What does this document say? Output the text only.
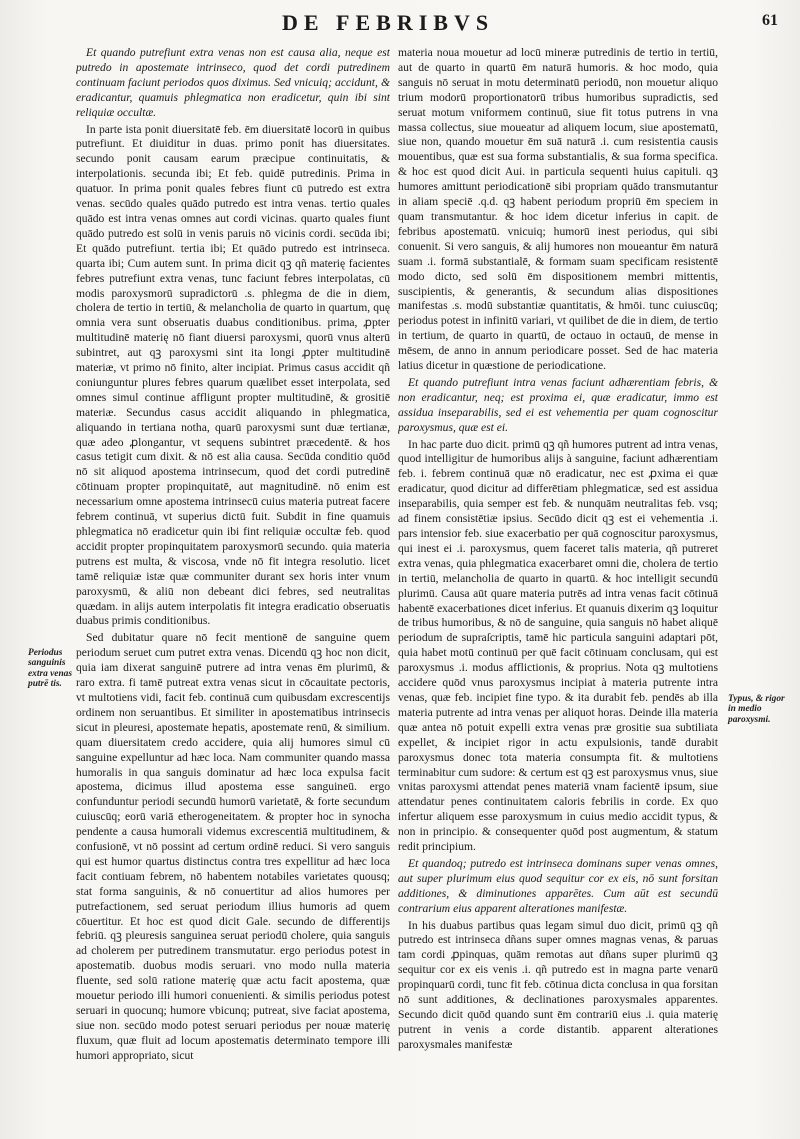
DE FEBRIBVS	61

Et quando putrefiunt extra venas non est causa alia, neque est putredo in apostemate intrinseco, quod det cordi putredinem continuam faciunt periodos quos diximus. Sed vnicuiq; accidunt, & eradicantur, quamuis phlegmatica non eradicetur, quin ibi sint reliquiæ occultæ.

In parte ista ponit diuersitatē feb. ēm diuersitatē locorū in quibus putrefiunt. Et diuiditur in duas. primo ponit has diuersitates. secundo ponit causam earum præcipue continuitatis, & interpolationis. secunda ibi; Et feb. quidē putredinis. Prima in quatuor. In prima ponit quales febres fiunt cū putredo est extra venas. secūdo quales quādo putredo est intra venas. tertio quales quādo est intra venas omnes aut cordi vicinas. quarto quales fiunt quādo putredo est solū in venis paruis nō vicinis cordi. secūda ibi; Et quādo putrefiunt. tertia ibi; Et quādo putredo est intrinseca. quarta ibi; Cum autem sunt. In prima dicit qꝫ qñ materię facientes febres putrefiunt extra venas, tunc faciunt febres interpolatas, cū modis paroxysmorū supradictorū .s. phlegma de die in diem, cholera de tertio in tertiū, & melancholia de quarto in quartum, quę omnia vera sunt obseruatis duabus conditionibus. prima, ꝓpter multitudinē materię nō fiant diuersi paroxysmi, quorū vnus alterū subintret, aut qꝫ paroxysmi sint ita longi ꝓpter multitudinē materiæ, vt primo nō finito, alter incipiat. Primus casus accidit qñ coniunguntur plures febres quarum quælibet esset interpolata, sed omnes simul continue affligunt propter multitudinē, & grositiē materiæ. Secundus casus accidit aliquando in phlegmatica, aliquando in tertiana notha, quarū paroxysmi sunt duæ tertianæ, quæ adeo ꝓlongantur, vt sequens subintret præcedentē. & hos casus tetigit cum dixit. & nō est alia causa. Secūda conditio quōd nō sit aliquod apostema intrinsecum, quod det cordi putredinē cōtinuam propter propinquitatē, aut magnitudinē. nō enim est necessarium omne apostema intrinsecū cuius materia putreat facere febrem continuā, vt superius dictū fuit. Subdit in fine quamuis phlegmatica nō eradicetur quin ibi fint reliquiæ occultæ feb. quod accidit propter propinquitatem paroxysmorū secundo. quia materia putrens est multa, & viscosa, vnde nō fit integra resolutio. licet tamē reliquiæ istæ quæ communiter durant sex horis inter vnum paroxysmū, & aliū non debeant dici febres, sed neutralitas quædam. in alijs autem interpolatis fit integra eradicatio obseruatis duabus primis conditionibus.

Sed dubitatur quare nō fecit mentionē de sanguine quem periodum seruet cum putret extra venas. Dicendū qꝫ hoc non dicit, quia iam dixerat sanguinē putrere ad intra venas ēm plurimū, & raro extra. fi tamē putreat extra venas sicut in cōcauitate pectoris, vt multotiens vidi, facit feb. continuā cum quibusdam excrescentijs ordinem non seruantibus. Et similiter in apostematibus intrinsecis sicut in pleuresi, apostemate hepatis, apostemate renū, & similium. quam diuersitatem credo accidere, quia alij humores simul cū sanguine expelluntur ad hæc loca. Nam communiter quando massa humoralis in qua sanguis dominatur ad hæc loca expulsa facit apostema, dicimus illud apostema esse sanguineū. ergo confunduntur periodi secundū humorū varietatē, & forte secundum cuiuscūq; eorū variā etherogeneitatem. & propter hoc in synocha pendente a causa humorali videmus excrescentiā multitudinem, & confusionē, vt nō possint ad certum ordinē reduci. Si vero sanguis qui est humor quartus distinctus contra tres expellitur ad hæc loca facit contiuam febrem, nō habentem notabiles varietates quousq; stat forma sanguinis, & nō conuertitur ad alios humores per putrefactionem, sed seruat periodum illius humoris ad quem cōuertitur. Et hoc est quod dicit Gale. secundo de differentijs febriū. qꝫ pleuresis sanguinea seruat periodū cholere, quia sanguis ad cholerem per putredinem transmutatur. ergo periodus potest in apostematib. duobus modis seruari. vno modo nulla materia fluente, sed solū ratione materię quæ actu facit apostema, quæ mouetur periodo illi humori conuenienti. & similis periodus potest seruari in quocunq; humore vbicunq; putreat, sive faciat apostema, siue non. secūdo modo potest seruari periodus per nouæ materię fluxum, quæ fluit ad locum apostematis determinato tempore illi humori appropriato, sicut

materia noua mouetur ad locū mineræ putredinis de tertio in tertiū, aut de quarto in quartū ēm naturā humoris. & hoc modo, quia sanguis nō seruat in motu determinatū periodū, non mouetur aliquo trium modorū proportionatorū tribus humoribus supradictis, sed seruat motum vniformem continuū, siue fit totus putrens in vna massa collectus, siue moueatur ad aliquem locum, siue apostematū, siue non, quando mouetur ēm suā naturā .i. cum resistentia causis mouentibus, quæ est sua forma substantialis, & sua forma specifica. & hoc est quod dicit Aui. in particula sequenti huius capituli. qꝫ humores amittunt periodicationē sibi propriam quādo transmutantur in aliam speciē .q.d. qꝫ habent periodum propriū ēm speciem in quam transmutantur. & hoc idem dicetur inferius in capit. de febribus apostematū. vnicuiq; humorū inest periodus, qui sibi conuenit. Si vero sanguis, & alij humores non moueantur ēm naturā suam .i. formā substantialē, & formam suam specificam resistentē modo dicto, sed solū ēm dispositionem membri mittentis, suscipientis, & generantis, & secundum alias dispositiones manifestas .s. modū substantiæ quantitatis, & hmōi. tunc cuiuscūq; periodus potest in infinitū variari, vt quilibet de die in diem, de tertio in tertium, de quarto in quartū, de octauo in octauū, de mense in mēsem, de anno in annum periodicare posset. Sed de hac materia latius dicetur in quæstione de periodicatione.

Et quando putrefiunt intra venas faciunt adhærentiam febris, & non eradicantur, neq; est proxima ei, quæ eradicatur, immo est assidua inseparabilis, sed ei est vehementia per quam cognoscitur paroxysmus, quæ est ei.

In hac parte duo dicit. primū qꝫ qñ humores putrent ad intra venas, quod intelligitur de humoribus alijs à sanguine, faciunt adhærentiam feb. i. febrem continuā quæ nō eradicatur, nec est ꝓxima ei quæ eradicatur, quod dicitur ad differētiam phlegmaticæ, sed est assidua inseparabilis, quia semper est feb. & nunquām neutralitas feb. vsq; ad finem consistētiæ ipsius. Secūdo dicit qꝫ est ei vehementia .i. pars intensior feb. siue exacerbatio per quā cognoscitur paroxysmus, qui inest ei .i. paroxysmus, quem faceret talis materia, qñ putreret extra venas, quia phlegmatica exacerbaret omni die, cholera de tertio in tertiū, melancholia de quarto in quartū. & hoc intelligit secundū plurimū. Causa aūt quare materia putrēs ad intra venas facit cōtinuā habentē exacerbationes dicet inferius. Et quanuis dixerim qꝫ loquitur de tribus humoribus, & nō de sanguine, quia sanguis nō habet aliquē periodum de supraſcriptis, tamē hic particula sanguini adaptari pōt, quia habet motū continuū per quē facit cōtinuam conclusam, qui est paroxysmus .i. modus afflictionis, & proprius. Nota qꝫ multotiens accidere quōd vnus paroxysmus incipiat à materia putrente intra venas, quæ feb. incipiet fine typo. & ita durabit feb. pendēs ab illa materia putrente ad intra venas per aliquot horas. Deinde illa materia quæ antea nō potuit expelli extra venas præ grositie sua subtiliata expellet, & incipiet rigor in actu expulsionis, tandē durabit paroxysmus donec tota materia consumpta fit. & multotiens terminabitur cum sudore: & certum est qꝫ est paroxysmus vnus, siue vnitas paroxysmi attendat penes materiā vnam facientē ipsum, siue attendatur penes continuitatem caloris febrilis in corde. Ex quo infertur aliquem esse paroxysmum in cuius medio accidit typus, & non in principio. & consequenter quōd post augmentum, & statum redit principium.

Et quandoq; putredo est intrinseca dominans super venas omnes, aut super plurimum eius quod sequitur cor ex eis, nō sunt forsitan additiones, & diminutiones apparētes. Cum aūt est secundū contrarium eius apparent alterationes manifestæ.

In his duabus partibus quas legam simul duo dicit, primū qꝫ qñ putredo est intrinseca dñans super omnes magnas venas, & paruas tam cordi ꝓpinquas, quām remotas aut dñans super plurimū qꝫ sequitur cor ex eis venis .i. qñ putredo est in magna parte venarū propinquarū cordi, tunc fit feb. cōtinua dicta conclusa in qua forsitan nō sunt additiones, & declinationes paroxysmales apparentes. Secundo dicit quōd quando sunt ēm contrariū eius .i. quia materię putrent in venis a corde distantib. apparent alterationes paroxysmales manifestæ

Periodus sanguinis extra venas putrē tis.
Typus, & rigor in medio paroxysmi.
